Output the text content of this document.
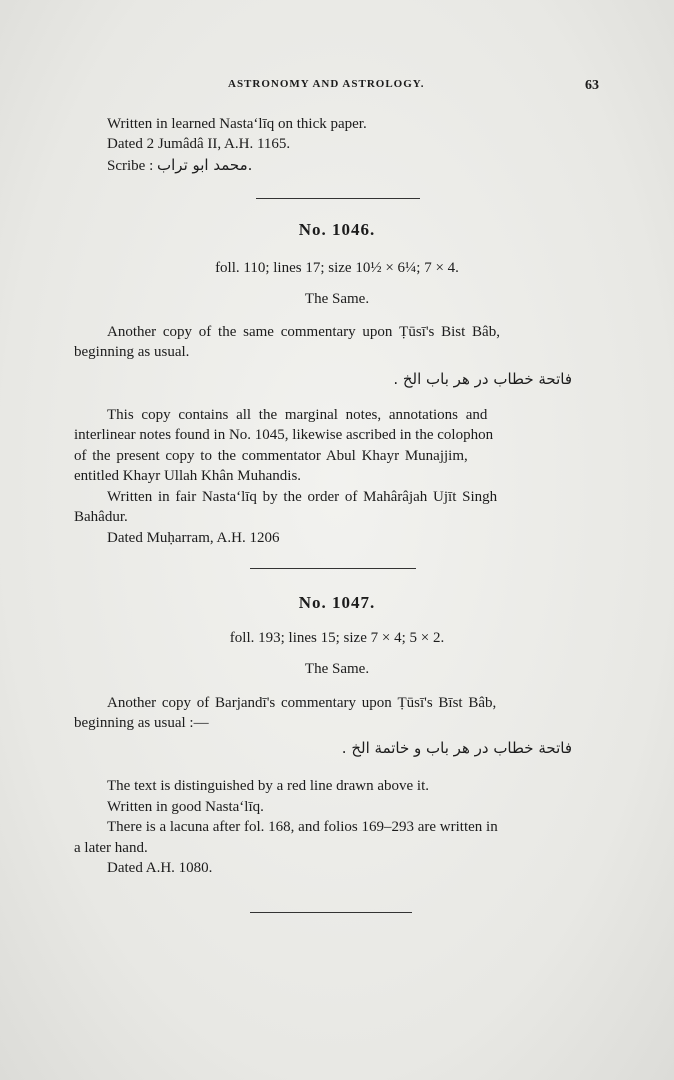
ASTRONOMY AND ASTROLOGY.	63
Written in learned Nasta‘līq on thick paper.
Dated 2 Jumâdâ II, A.H. 1165.
Scribe : محمد ابو تراب.
No. 1046.
foll. 110; lines 17; size 10½ × 6¼; 7 × 4.
The Same.
Another copy of the same commentary upon Ṭūsī's Bist Bâb,
beginning as usual.
فاتحة خطاب در هر باب الخ .
This copy contains all the marginal notes, annotations and
interlinear notes found in No. 1045, likewise ascribed in the colophon
of the present copy to the commentator Abul Khayr Munajjim,
entitled Khayr Ullah Khân Muhandis.
Written in fair Nasta‘līq by the order of Mahârâjah Ujīt Singh
Bahâdur.
Dated Muḥarram, A.H. 1206
No. 1047.
foll. 193; lines 15; size 7 × 4; 5 × 2.
The Same.
Another copy of Barjandī's commentary upon Ṭūsī's Bīst Bâb,
beginning as usual :—
فاتحة خطاب در هر باب و خاتمة الخ .
The text is distinguished by a red line drawn above it.
Written in good Nasta‘līq.
There is a lacuna after fol. 168, and folios 169–293 are written in
a later hand.
Dated A.H. 1080.
